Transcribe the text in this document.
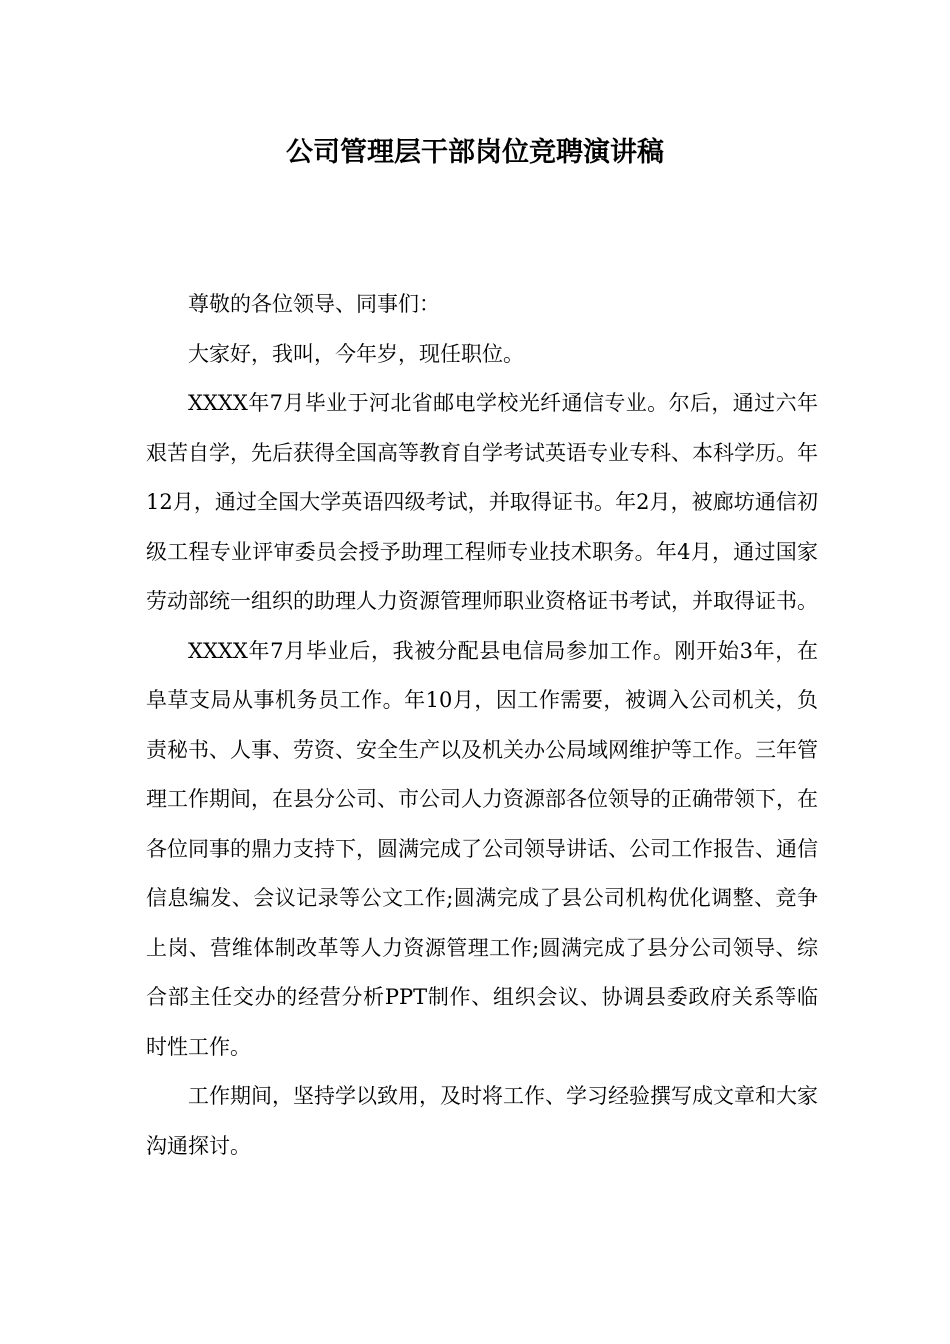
公司管理层干部岗位竞聘演讲稿

尊敬的各位领导、同事们：

大家好，我叫，今年岁，现任职位。

XXXX年7月毕业于河北省邮电学校光纤通信专业。尔后，通过六年艰苦自学，先后获得全国高等教育自学考试英语专业专科、本科学历。年12月，通过全国大学英语四级考试，并取得证书。年2月，被廊坊通信初级工程专业评审委员会授予助理工程师专业技术职务。年4月，通过国家劳动部统一组织的助理人力资源管理师职业资格证书考试，并取得证书。

XXXX年7月毕业后，我被分配县电信局参加工作。刚开始3年，在阜草支局从事机务员工作。年10月，因工作需要，被调入公司机关，负责秘书、人事、劳资、安全生产以及机关办公局域网维护等工作。三年管理工作期间，在县分公司、市公司人力资源部各位领导的正确带领下，在各位同事的鼎力支持下，圆满完成了公司领导讲话、公司工作报告、通信信息编发、会议记录等公文工作;圆满完成了县公司机构优化调整、竞争上岗、营维体制改革等人力资源管理工作;圆满完成了县分公司领导、综合部主任交办的经营分析PPT制作、组织会议、协调县委政府关系等临时性工作。

工作期间，坚持学以致用，及时将工作、学习经验撰写成文章和大家沟通探讨。
